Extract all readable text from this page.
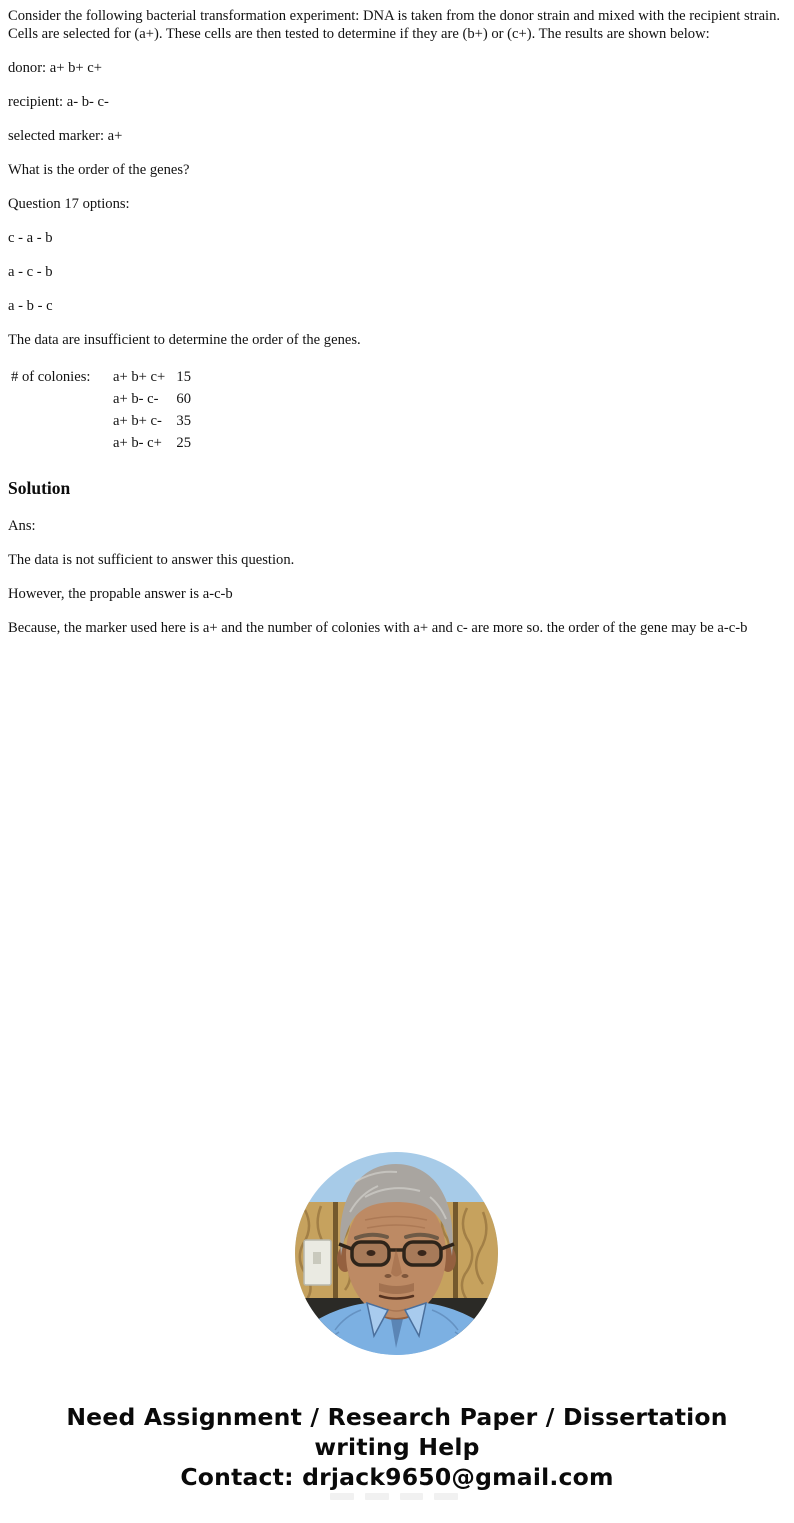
Consider the following bacterial transformation experiment: DNA is taken from the donor strain and mixed with the recipient strain. Cells are selected for (a+). These cells are then tested to determine if they are (b+) or (c+). The results are shown below:

donor: a+ b+ c+

recipient: a- b- c-

selected marker: a+

What is the order of the genes?

Question 17 options:

c - a - b

a - c - b

a - b - c

The data are insufficient to determine the order of the genes.

# of colonies:	a+ b+ c+ 15
a+ b- c-	60
a+ b+ c- 35
a+ b- c+ 25
Solution

Ans:

The data is not sufficient to answer this question.

However, the propable answer is a-c-b

Because, the marker used here is a+ and the number of colonies with a+ and c- are more so. the order of the gene may be a-c-b

Need Assignment / Research Paper / Dissertation
writing Help
Contact: drjack9650@gmail.com
